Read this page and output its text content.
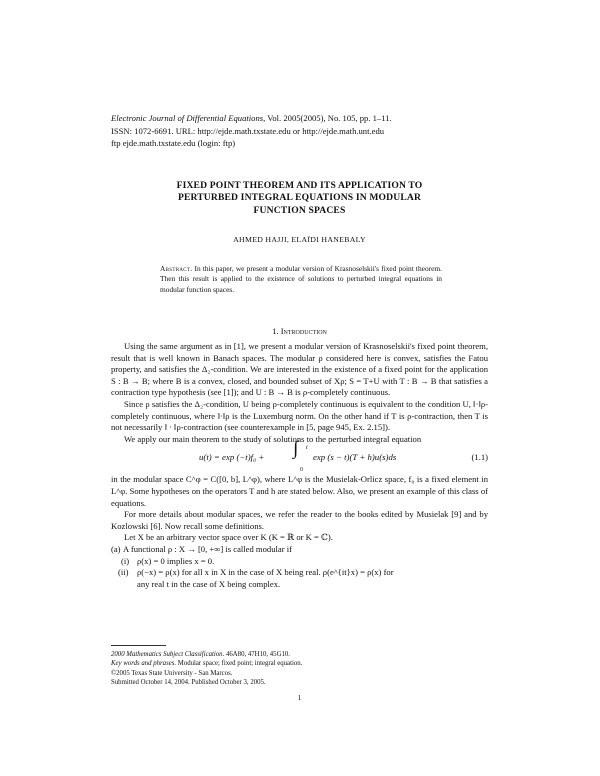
Electronic Journal of Differential Equations, Vol. 2005(2005), No. 105, pp. 1–11.
ISSN: 1072-6691. URL: http://ejde.math.txstate.edu or http://ejde.math.unt.edu
ftp ejde.math.txstate.edu (login: ftp)
FIXED POINT THEOREM AND ITS APPLICATION TO
PERTURBED INTEGRAL EQUATIONS IN MODULAR
FUNCTION SPACES
AHMED HAJJI, ELAÏDI HANEBALY
Abstract. In this paper, we present a modular version of Krasnoselskii's fixed point theorem. Then this result is applied to the existence of solutions to perturbed integral equations in modular function spaces.
1. Introduction

Using the same argument as in [1], we present a modular version of Krasnoselskii's fixed point theorem, result that is well known in Banach spaces. The modular ρ considered here is convex, satisfies the Fatou property, and satisfies the Δ₂-condition. We are interested in the existence of a fixed point for the application S : B → B; where B is a convex, closed, and bounded subset of Xρ; S = T+U with T : B → B that satisfies a contraction type hypothesis (see [1]); and U : B → B is ρ-completely continuous.

Since ρ satisfies the Δ₂-condition, U being ρ-completely continuous is equivalent to the condition U, ‖·‖ρ-completely continuous, where ‖·‖ρ is the Luxemburg norm. On the other hand if T is ρ-contraction, then T is not necessarily ‖ · ‖ρ-contraction (see counterexample in [5, page 945, Ex. 2.15]).

We apply our main theorem to the study of solutions to the perturbed integral equation

u(t) = exp (−t)f₀ + ∫ t
0
exp (s − t)(T + h)u(s)ds	(1.1)

in the modular space C^φ = C([0, b], L^φ), where L^φ is the Musielak-Orlicz space, f₀ is a fixed element in L^φ. Some hypotheses on the operators T and h are stated below. Also, we present an example of this class of equations.

For more details about modular spaces, we refer the reader to the books edited by Musielak [9] and by Kozlowski [6]. Now recall some definitions.

Let X be an arbitrary vector space over K (K = ℝ or K = ℂ).

(a) A functional ρ : X → [0, +∞] is called modular if
(i) ρ(x) = 0 implies x = 0.
(ii) ρ(−x) = ρ(x) for all x in X in the case of X being real. ρ(e^{it}x) = ρ(x) for
any real t in the case of X being complex.
2000 Mathematics Subject Classification. 46A80, 47H10, 45G10.
Key words and phrases. Modular space; fixed point; integral equation.
©2005 Texas State University - San Marcos.
Submitted October 14, 2004. Published October 3, 2005.
1
